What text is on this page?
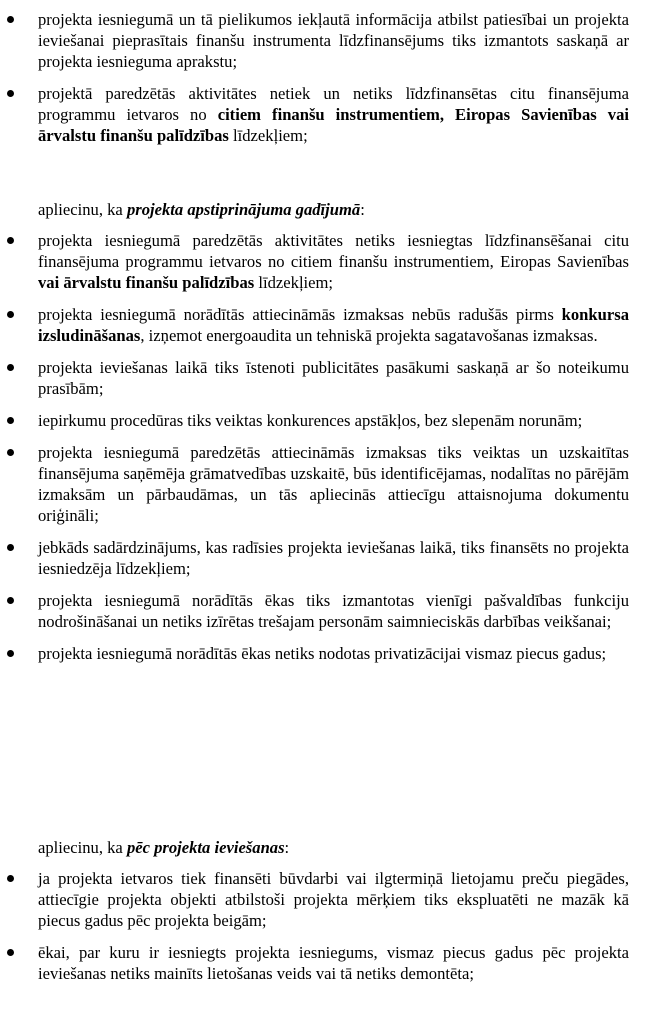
projekta iesniegumā un tā pielikumos iekļautā informācija atbilst patiesībai un projekta ieviešanai pieprasītais finanšu instrumenta līdzfinansējums tiks izmantots saskaņā ar projekta iesnieguma aprakstu;
projektā paredzētās aktivitātes netiek un netiks līdzfinansētas citu finansējuma programmu ietvaros no citiem finanšu instrumentiem, Eiropas Savienības vai ārvalstu finanšu palīdzības līdzekļiem;
apliecinu, ka projekta apstiprinājuma gadījumā:
projekta iesniegumā paredzētās aktivitātes netiks iesniegtas līdzfinansēšanai citu finansējuma programmu ietvaros no citiem finanšu instrumentiem, Eiropas Savienības vai ārvalstu finanšu palīdzības līdzekļiem;
projekta iesniegumā norādītās attiecināmās izmaksas nebūs radušās pirms konkursa izsludināšanas, izņemot energoaudita un tehniskā projekta sagatavošanas izmaksas.
projekta ieviešanas laikā tiks īstenoti publicitātes pasākumi saskaņā ar šo noteikumu prasībām;
iepirkumu procedūras tiks veiktas konkurences apstākļos, bez slepenām norunām;
projekta iesniegumā paredzētās attiecināmās izmaksas tiks veiktas un uzskaitītas finansējuma saņēmēja grāmatvedības uzskaitē, būs identificējamas, nodalītas no pārējām izmaksām un pārbaudāmas, un tās apliecinās attiecīgu attaisnojuma dokumentu oriģināli;
jebkāds sadārdzinājums, kas radīsies projekta ieviešanas laikā, tiks finansēts no projekta iesniedzēja līdzekļiem;
projekta iesniegumā norādītās ēkas tiks izmantotas vienīgi pašvaldības funkciju nodrošināšanai un netiks izīrētas trešajam personām saimnieciskās darbības veikšanai;
projekta iesniegumā norādītās ēkas netiks nodotas privatizācijai vismaz piecus gadus;
apliecinu, ka pēc projekta ieviešanas:
ja projekta ietvaros tiek finansēti būvdarbi vai ilgtermiņā lietojamu preču piegādes, attiecīgie projekta objekti atbilstoši projekta mērķiem tiks ekspluatēti ne mazāk kā piecus gadus pēc projekta beigām;
ēkai, par kuru ir iesniegts projekta iesniegums, vismaz piecus gadus pēc projekta ieviešanas netiks mainīts lietošanas veids vai tā netiks demontēta;
